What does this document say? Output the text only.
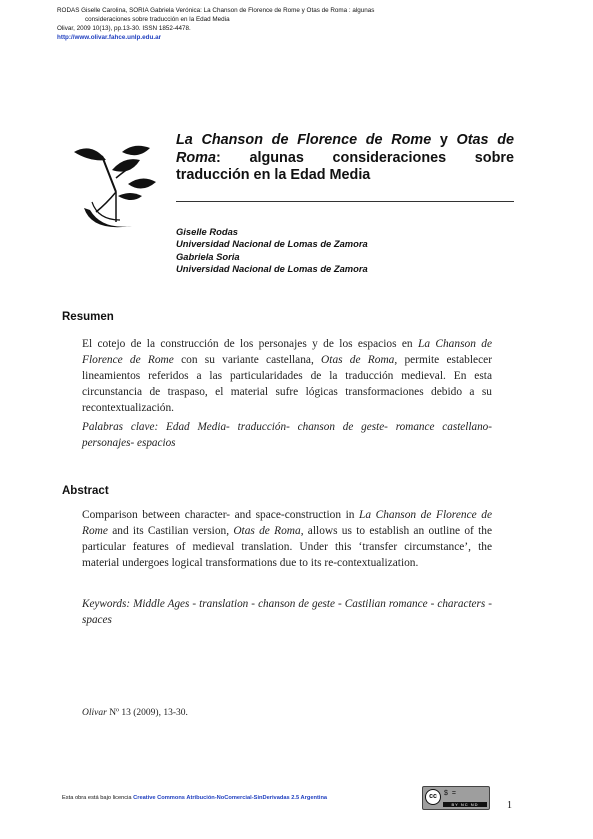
RODAS Giselle Carolina, SORIA Gabriela Verónica: La Chanson de Florence de Rome y Otas de Roma : algunas
consideraciones sobre traducción en la Edad Media
Olivar, 2009 10(13), pp.13-30. ISSN 1852-4478.
http://www.olivar.fahce.unlp.edu.ar
La Chanson de Florence de Rome y Otas de Roma: algunas consideraciones sobre traducción en la Edad Media
Giselle Rodas
Universidad Nacional de Lomas de Zamora
Gabriela Soria
Universidad Nacional de Lomas de Zamora
Resumen

El cotejo de la construcción de los personajes y de los espacios en La Chanson de Florence de Rome con su variante castellana, Otas de Roma, permite establecer lineamientos referidos a las particularidades de la traducción medieval. En esta circunstancia de traspaso, el material sufre lógicas transformaciones debido a su recontextualización.

Palabras clave: Edad Media- traducción- chanson de geste- romance castellano- personajes- espacios

Abstract

Comparison between character- and space-construction in La Chanson de Florence de Rome and its Castilian version, Otas de Roma, allows us to establish an outline of the particular features of medieval translation. Under this ‘transfer circumstance’, the material undergoes logical transformations due to its re-contextualization.

Keywords: Middle Ages - translation - chanson de geste - Castilian romance - characters - spaces

Olivar Nº 13 (2009), 13-30.
Esta obra está bajo licencia Creative Commons Atribución-NoComercial-SinDerivadas 2.5 Argentina	cc	$ =
BY NC ND	1
